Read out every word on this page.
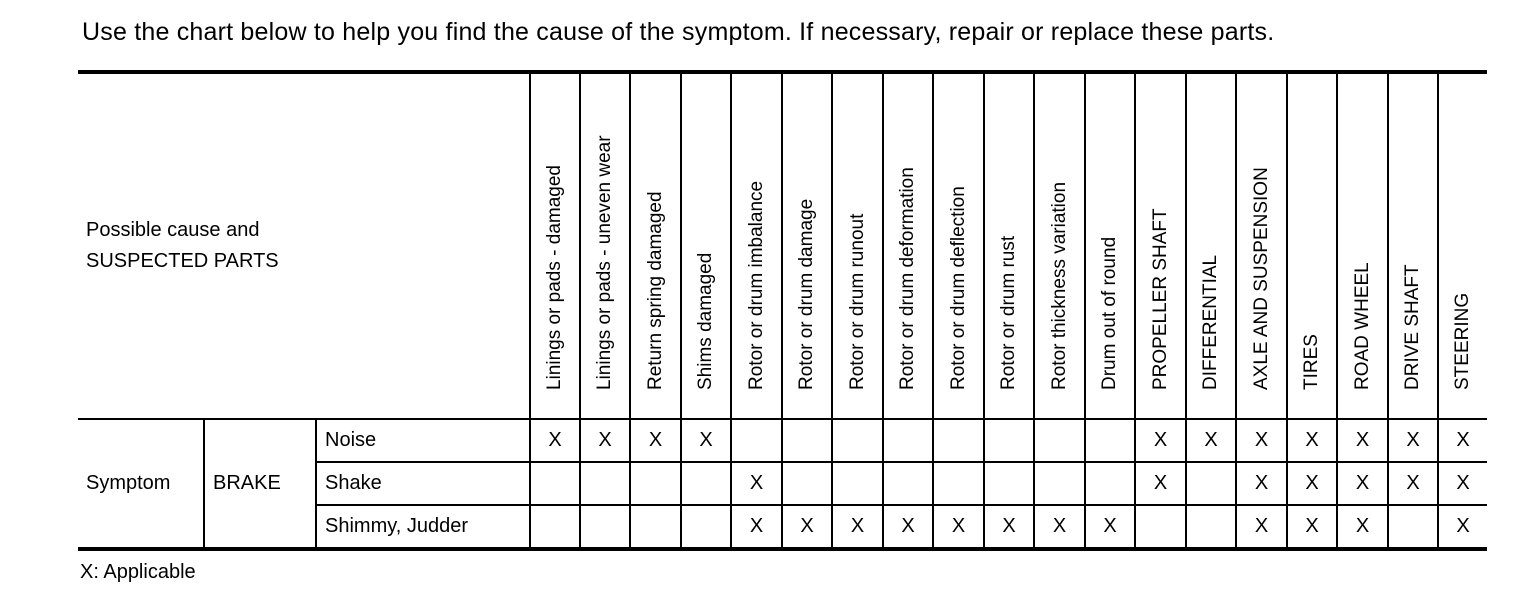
Use the chart below to help you find the cause of the symptom. If necessary, repair or replace these parts.

Possible cause and
SUSPECTED PARTS			Linings or pads - damaged	Linings or pads - uneven wear	Return spring damaged	Shims damaged	Rotor or drum imbalance	Rotor or drum damage	Rotor or drum runout	Rotor or drum deformation	Rotor or drum deflection	Rotor or drum rust	Rotor thickness variation	Drum out of round	PROPELLER SHAFT	DIFFERENTIAL	AXLE AND SUSPENSION	TIRES	ROAD WHEEL	DRIVE SHAFT	STEERING

Symptom	BRAKE	Noise	X	X	X	X									X	X	X	X	X	X	X
		Shake					X								X		X	X	X	X	X
		Shimmy, Judder					X	X	X	X	X	X	X	X			X	X	X		X

X: Applicable
